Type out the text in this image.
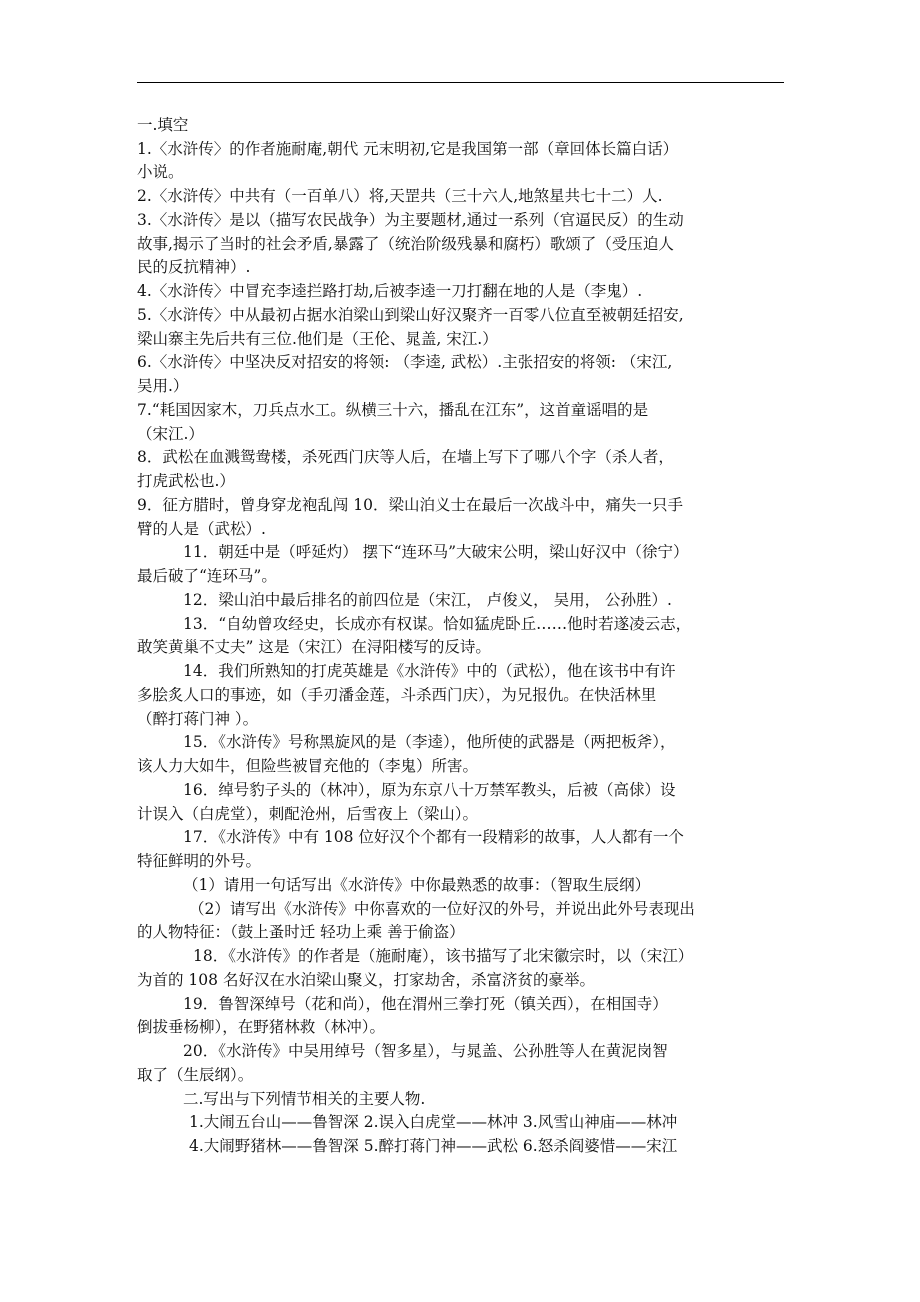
一.填空
1.〈水浒传〉的作者施耐庵,朝代 元末明初,它是我国第一部（章回体长篇白话）
小说。
2.〈水浒传〉中共有（一百单八）将,天罡共（三十六人,地煞星共七十二）人.
3.〈水浒传〉是以（描写农民战争）为主要题材,通过一系列（官逼民反）的生动
故事,揭示了当时的社会矛盾,暴露了（统治阶级残暴和腐朽）歌颂了（受压迫人
民的反抗精神）.
4.〈水浒传〉中冒充李逵拦路打劫,后被李逵一刀打翻在地的人是（李鬼）.
5.〈水浒传〉中从最初占据水泊梁山到梁山好汉聚齐一百零八位直至被朝廷招安,
梁山寨主先后共有三位.他们是（王伦、晁盖, 宋江.）
6.〈水浒传〉中坚决反对招安的将领: （李逵, 武松）.主张招安的将领: （宋江,
吴用.）
7.“耗国因家木，刀兵点水工。纵横三十六，播乱在江东”，这首童谣唱的是
（宋江.）
8．武松在血溅鸳鸯楼，杀死西门庆等人后，在墙上写下了哪八个字（杀人者，
打虎武松也.）
9．征方腊时，曾身穿龙袍乱闯 10．梁山泊义士在最后一次战斗中，痛失一只手
臂的人是（武松）.
11．朝廷中是（呼延灼） 摆下“连环马”大破宋公明，梁山好汉中（徐宁）
最后破了“连环马”。
12．梁山泊中最后排名的前四位是（宋江， 卢俊义， 吴用， 公孙胜）.
13．“自幼曾攻经史，长成亦有权谋。恰如猛虎卧丘……他时若遂凌云志，
敢笑黄巢不丈夫” 这是（宋江）在浔阳楼写的反诗。
14．我们所熟知的打虎英雄是《水浒传》中的（武松），他在该书中有许
多脍炙人口的事迹，如（手刃潘金莲，斗杀西门庆），为兄报仇。在快活林里
（醉打蒋门神 ）。
15．《水浒传》号称黑旋风的是（李逵），他所使的武器是（两把板斧），
该人力大如牛，但险些被冒充他的（李鬼）所害。
16．绰号豹子头的（林冲），原为东京八十万禁军教头，后被（高俅）设
计误入（白虎堂），刺配沧州，后雪夜上（梁山）。
17．《水浒传》中有 108 位好汉个个都有一段精彩的故事，人人都有一个
特征鲜明的外号。
（1）请用一句话写出《水浒传》中你最熟悉的故事：（智取生辰纲）
（2）请写出《水浒传》中你喜欢的一位好汉的外号，并说出此外号表现出
的人物特征：（鼓上蚤时迁 轻功上乘 善于偷盗）
18．《水浒传》的作者是（施耐庵），该书描写了北宋徽宗时，以（宋江）
为首的 108 名好汉在水泊梁山聚义，打家劫舍，杀富济贫的豪举。
19．鲁智深绰号（花和尚），他在渭州三拳打死（镇关西），在相国寺）
倒拔垂杨柳），在野猪林救（林冲）。
20．《水浒传》中吴用绰号（智多星），与晁盖、公孙胜等人在黄泥岗智
取了（生辰纲）。
二.写出与下列情节相关的主要人物.
1.大闹五台山——鲁智深 2.误入白虎堂——林冲 3.风雪山神庙——林冲
4.大闹野猪林——鲁智深 5.醉打蒋门神——武松 6.怒杀阎婆惜——宋江
